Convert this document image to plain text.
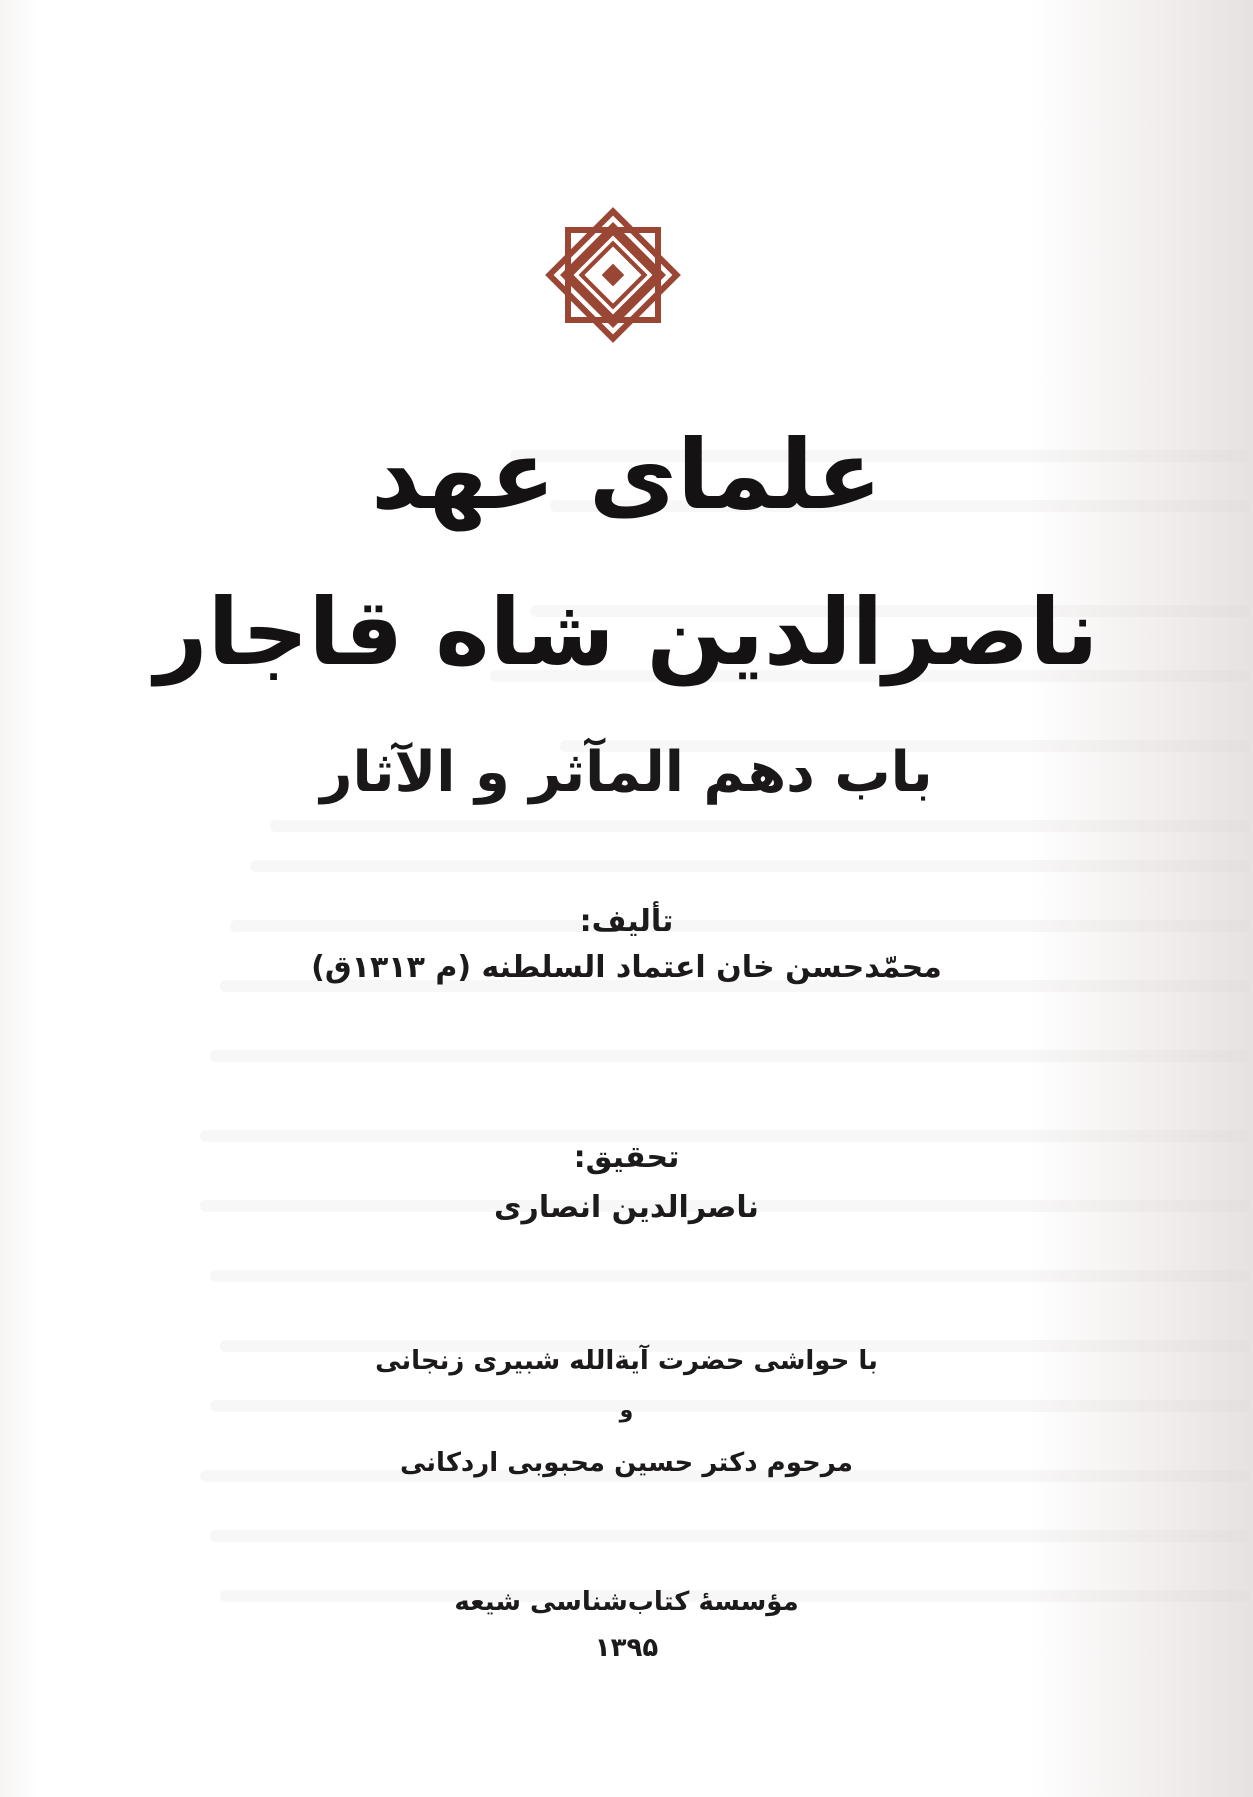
علمای عهد
ناصرالدین شاه قاجار
باب دهم المآثر و الآثار

تألیف:

محمّدحسن خان اعتماد السلطنه (م ۱۳۱۳ق)

تحقیق:

ناصرالدین انصاری

با حواشی حضرت آیة‌الله شبیری زنجانی

و

مرحوم دکتر حسین محبوبی اردکانی

مؤسسهٔ کتاب‌شناسی شیعه

۱۳۹۵
